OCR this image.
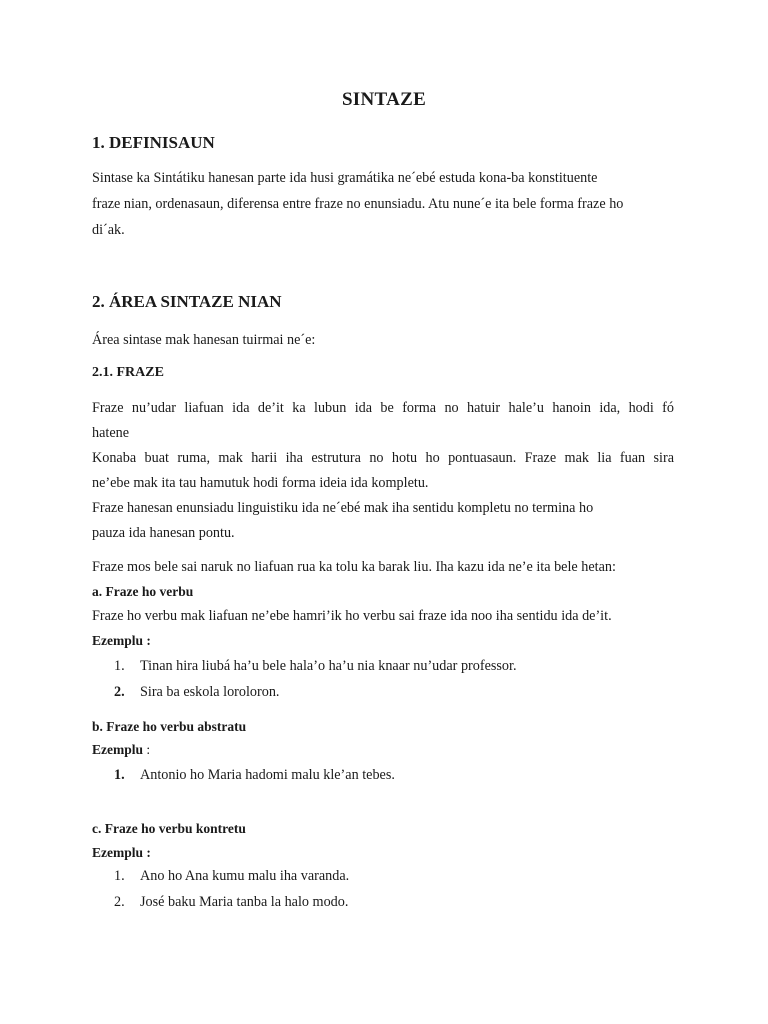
SINTAZE
1. DEFINISAUN
Sintase ka Sintátiku hanesan parte ida husi gramátika ne´ebé estuda kona-ba konstituente
fraze nian, ordenasaun, diferensa entre fraze no enunsiadu. Atu nune´e ita bele forma fraze ho
di´ak.
2. ÁREA SINTAZE NIAN
Área sintase mak hanesan tuirmai ne´e:
2.1. FRAZE
Fraze nu’udar liafuan ida de’it ka lubun ida be forma no hatuir hale’u hanoin ida, hodi fó
hatene
Konaba buat ruma, mak harii iha estrutura no hotu ho pontuasaun. Fraze mak lia fuan sira
ne’ebe mak ita tau hamutuk hodi forma ideia ida kompletu.
Fraze hanesan enunsiadu linguistiku ida ne´ebé mak iha sentidu kompletu no termina ho
pauza ida hanesan pontu.
Fraze mos bele sai naruk no liafuan rua ka tolu ka barak liu. Iha kazu ida ne’e ita bele hetan:
a. Fraze ho verbu
Fraze ho verbu mak liafuan ne’ebe hamri’ik ho verbu sai fraze ida noo iha sentidu ida de’it.
Ezemplu :
1. Tinan hira liubá ha’u bele hala’o ha’u nia knaar nu’udar professor.
2. Sira ba eskola loroloron.
b. Fraze ho verbu abstratu
Ezemplu :
1. Antonio ho Maria hadomi malu kle’an tebes.
c. Fraze ho verbu kontretu
Ezemplu :
1. Ano ho Ana kumu malu iha varanda.
2. José baku Maria tanba la halo modo.
